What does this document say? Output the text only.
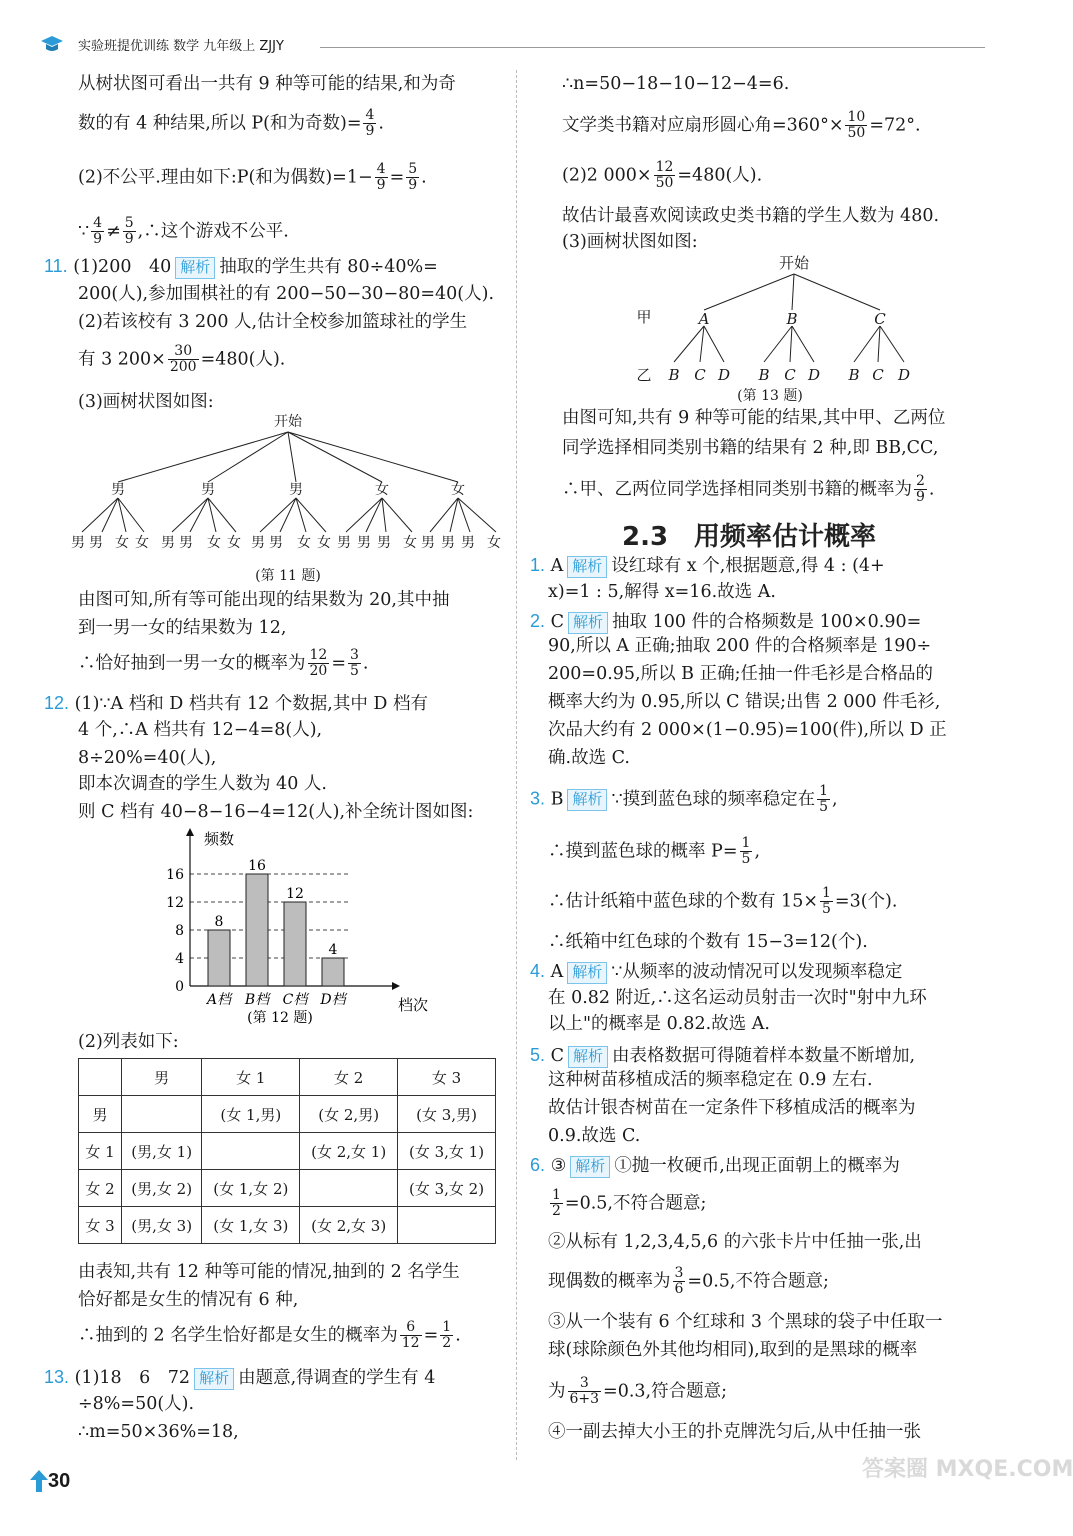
实验班提优训练 数学 九年级上 ZJJY
从树状图可看出一共有 9 种等可能的结果,和为奇
数的有 4 种结果,所以 P(和为奇数)= $\frac{4}{9}$ .
(2)不公平.理由如下:P(和为偶数)$=1- \frac{4}{9} = \frac{5}{9}$ .
∵ $\frac{4}{9} \ne \frac{5}{9}$ ,∴这个游戏不公平.
11. (1)200　40 解析 抽取的学生共有 80÷40%=
200(人),参加围棋社的有 200−50−30−80=40(人).
(2)若该校有 3 200 人,估计全校参加篮球社的学生
有 3 $200\times \frac{30}{200} =480$(人).
(3)画树状图如图:
开始
男	男	男	女	女
男 男 女 女 男 男 女 女 男 男 女 女 男 男 男 女 男 男 男 女
(第 11 题)
由图可知,所有等可能出现的结果数为 20,其中抽
到一男一女的结果数为 12,
∴恰好抽到一男一女的概率为 $\frac{12}{20} = \frac{3}{5}$ .
12. (1)∵A 档和 D 档共有 12 个数据,其中 D 档有
4 个,∴A 档共有 12−4=8(人),
8÷20%=40(人),
即本次调查的学生人数为 40 人.
则 C 档有 40−8−16−4=12(人),补全统计图如图:
0
4
8
12
16
频数
档次
8
A档
16
B档
12
C档
4
D档
(第 12 题)
(2)列表如下:
	男	女 1	女 2	女 3
男		(女 1,男)	(女 2,男)	(女 3,男)
女 1	(男,女 1)		(女 2,女 1)	(女 3,女 1)
女 2	(男,女 2)	(女 1,女 2)		(女 3,女 2)
女 3	(男,女 3)	(女 1,女 3)	(女 2,女 3)	
由表知,共有 12 种等可能的情况,抽到的 2 名学生
恰好都是女生的情况有 6 种,
∴抽到的 2 名学生恰好都是女生的概率为 $\frac{6}{12} = \frac{1}{2}$ .
13. (1)18　6　72 解析 由题意,得调查的学生有 4
÷8%=50(人).
∴m=50×36%=18,
30
∴n=50−18−10−12−4=6.
文学类书籍对应扇形圆心角$=360^\circ\times \frac{10}{50} =72^\circ$.
(2)2 $000\times \frac{12}{50} =480$(人).
故估计最喜欢阅读政史类书籍的学生人数为 480.
(3)画树状图如图:
开始
甲
乙
A	B	C
B C D B C D B C D
(第 13 题)
由图可知,共有 9 种等可能的结果,其中甲、乙两位
同学选择相同类别书籍的结果有 2 种,即 BB,CC,
∴甲、乙两位同学选择相同类别书籍的概率为 $\frac{2}{9}$ .
2.3　用频率估计概率
1. A 解析 设红球有 x 个,根据题意,得 4 : (4+
x)=1 : 5,解得 x=16.故选 A.
2. C 解析 抽取 100 件的合格频数是 100×0.90=
90,所以 A 正确;抽取 200 件的合格频率是 190÷
200=0.95,所以 B 正确;任抽一件毛衫是合格品的
概率大约为 0.95,所以 C 错误;出售 2 000 件毛衫,
次品大约有 2 000×(1−0.95)=100(件),所以 D 正
确.故选 C.
3. B 解析 ∵摸到蓝色球的频率稳定在 $\frac{1}{5}$ ,
∴摸到蓝色球的概率 $P= \frac{1}{5}$ ,
∴估计纸箱中蓝色球的个数有 $15\times \frac{1}{5} =3$(个).
∴纸箱中红色球的个数有 15−3=12(个).
4. A 解析 ∵从频率的波动情况可以发现频率稳定
在 0.82 附近,∴这名运动员射击一次时"射中九环
以上"的概率是 0.82.故选 A.
5. C 解析 由表格数据可得随着样本数量不断增加,
这种树苗移植成活的频率稳定在 0.9 左右.
故估计银杏树苗在一定条件下移植成活的概率为
0.9.故选 C.
6. ③ 解析 ①抛一枚硬币,出现正面朝上的概率为
$\frac{1}{2} =0.5$,不符合题意;
②从标有 1,2,3,4,5,6 的六张卡片中任抽一张,出
现偶数的概率为 $\frac{3}{6} =0.5$,不符合题意;
③从一个装有 6 个红球和 3 个黑球的袋子中任取一
球(球除颜色外其他均相同),取到的是黑球的概率
为 $\frac{3}{6+3} =0.3$,符合题意;
④一副去掉大小王的扑克牌洗匀后,从中任抽一张
答案圈 MXQE.COM
